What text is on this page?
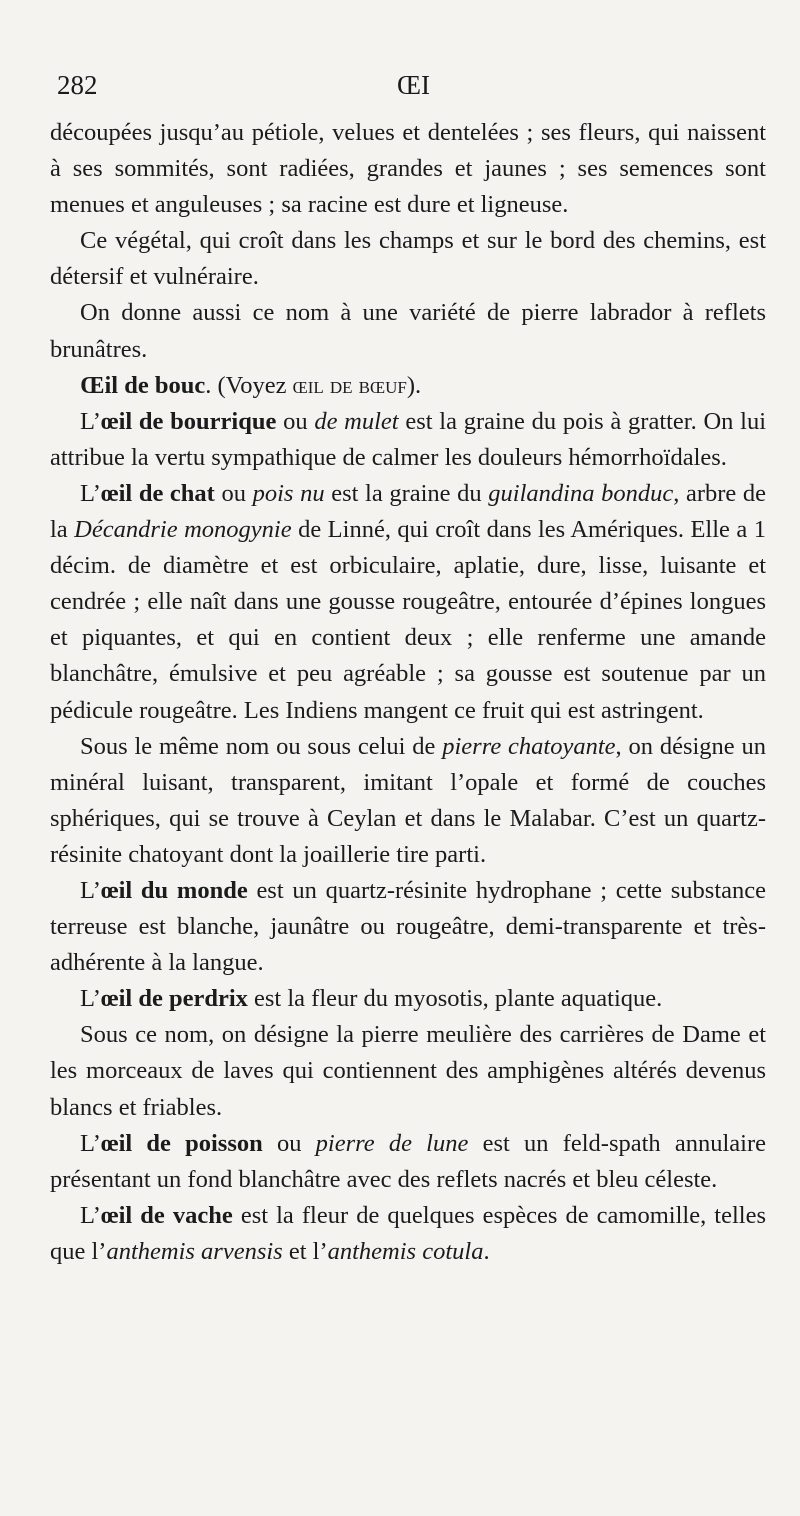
282	ŒI

découpées jusqu’au pétiole, velues et dentelées ; ses fleurs, qui naissent à ses sommités, sont radiées, grandes et jaunes ; ses semences sont menues et anguleuses ; sa racine est dure et ligneuse.

Ce végétal, qui croît dans les champs et sur le bord des chemins, est détersif et vulnéraire.

On donne aussi ce nom à une variété de pierre labrador à reflets brunâtres.

Œil de bouc. (Voyez œil de bœuf).

L’œil de bourrique ou de mulet est la graine du pois à gratter. On lui attribue la vertu sympathique de calmer les douleurs hémorrhoïdales.

L’œil de chat ou pois nu est la graine du guilandina bonduc, arbre de la Décandrie monogynie de Linné, qui croît dans les Amériques. Elle a 1 décim. de diamètre et est orbiculaire, aplatie, dure, lisse, luisante et cendrée ; elle naît dans une gousse rougeâtre, entourée d’épines longues et piquantes, et qui en contient deux ; elle renferme une amande blanchâtre, émulsive et peu agréable ; sa gousse est soutenue par un pédicule rougeâtre. Les Indiens mangent ce fruit qui est astringent.

Sous le même nom ou sous celui de pierre chatoyante, on désigne un minéral luisant, transparent, imitant l’opale et formé de couches sphériques, qui se trouve à Ceylan et dans le Malabar. C’est un quartz-résinite chatoyant dont la joaillerie tire parti.

L’œil du monde est un quartz-résinite hydrophane ; cette substance terreuse est blanche, jaunâtre ou rougeâtre, demi-transparente et très-adhérente à la langue.

L’œil de perdrix est la fleur du myosotis, plante aquatique.

Sous ce nom, on désigne la pierre meulière des carrières de Dame et les morceaux de laves qui contiennent des amphigènes altérés devenus blancs et friables.

L’œil de poisson ou pierre de lune est un feld-spath annulaire présentant un fond blanchâtre avec des reflets nacrés et bleu céleste.

L’œil de vache est la fleur de quelques espèces de camomille, telles que l’anthemis arvensis et l’anthemis cotula.
